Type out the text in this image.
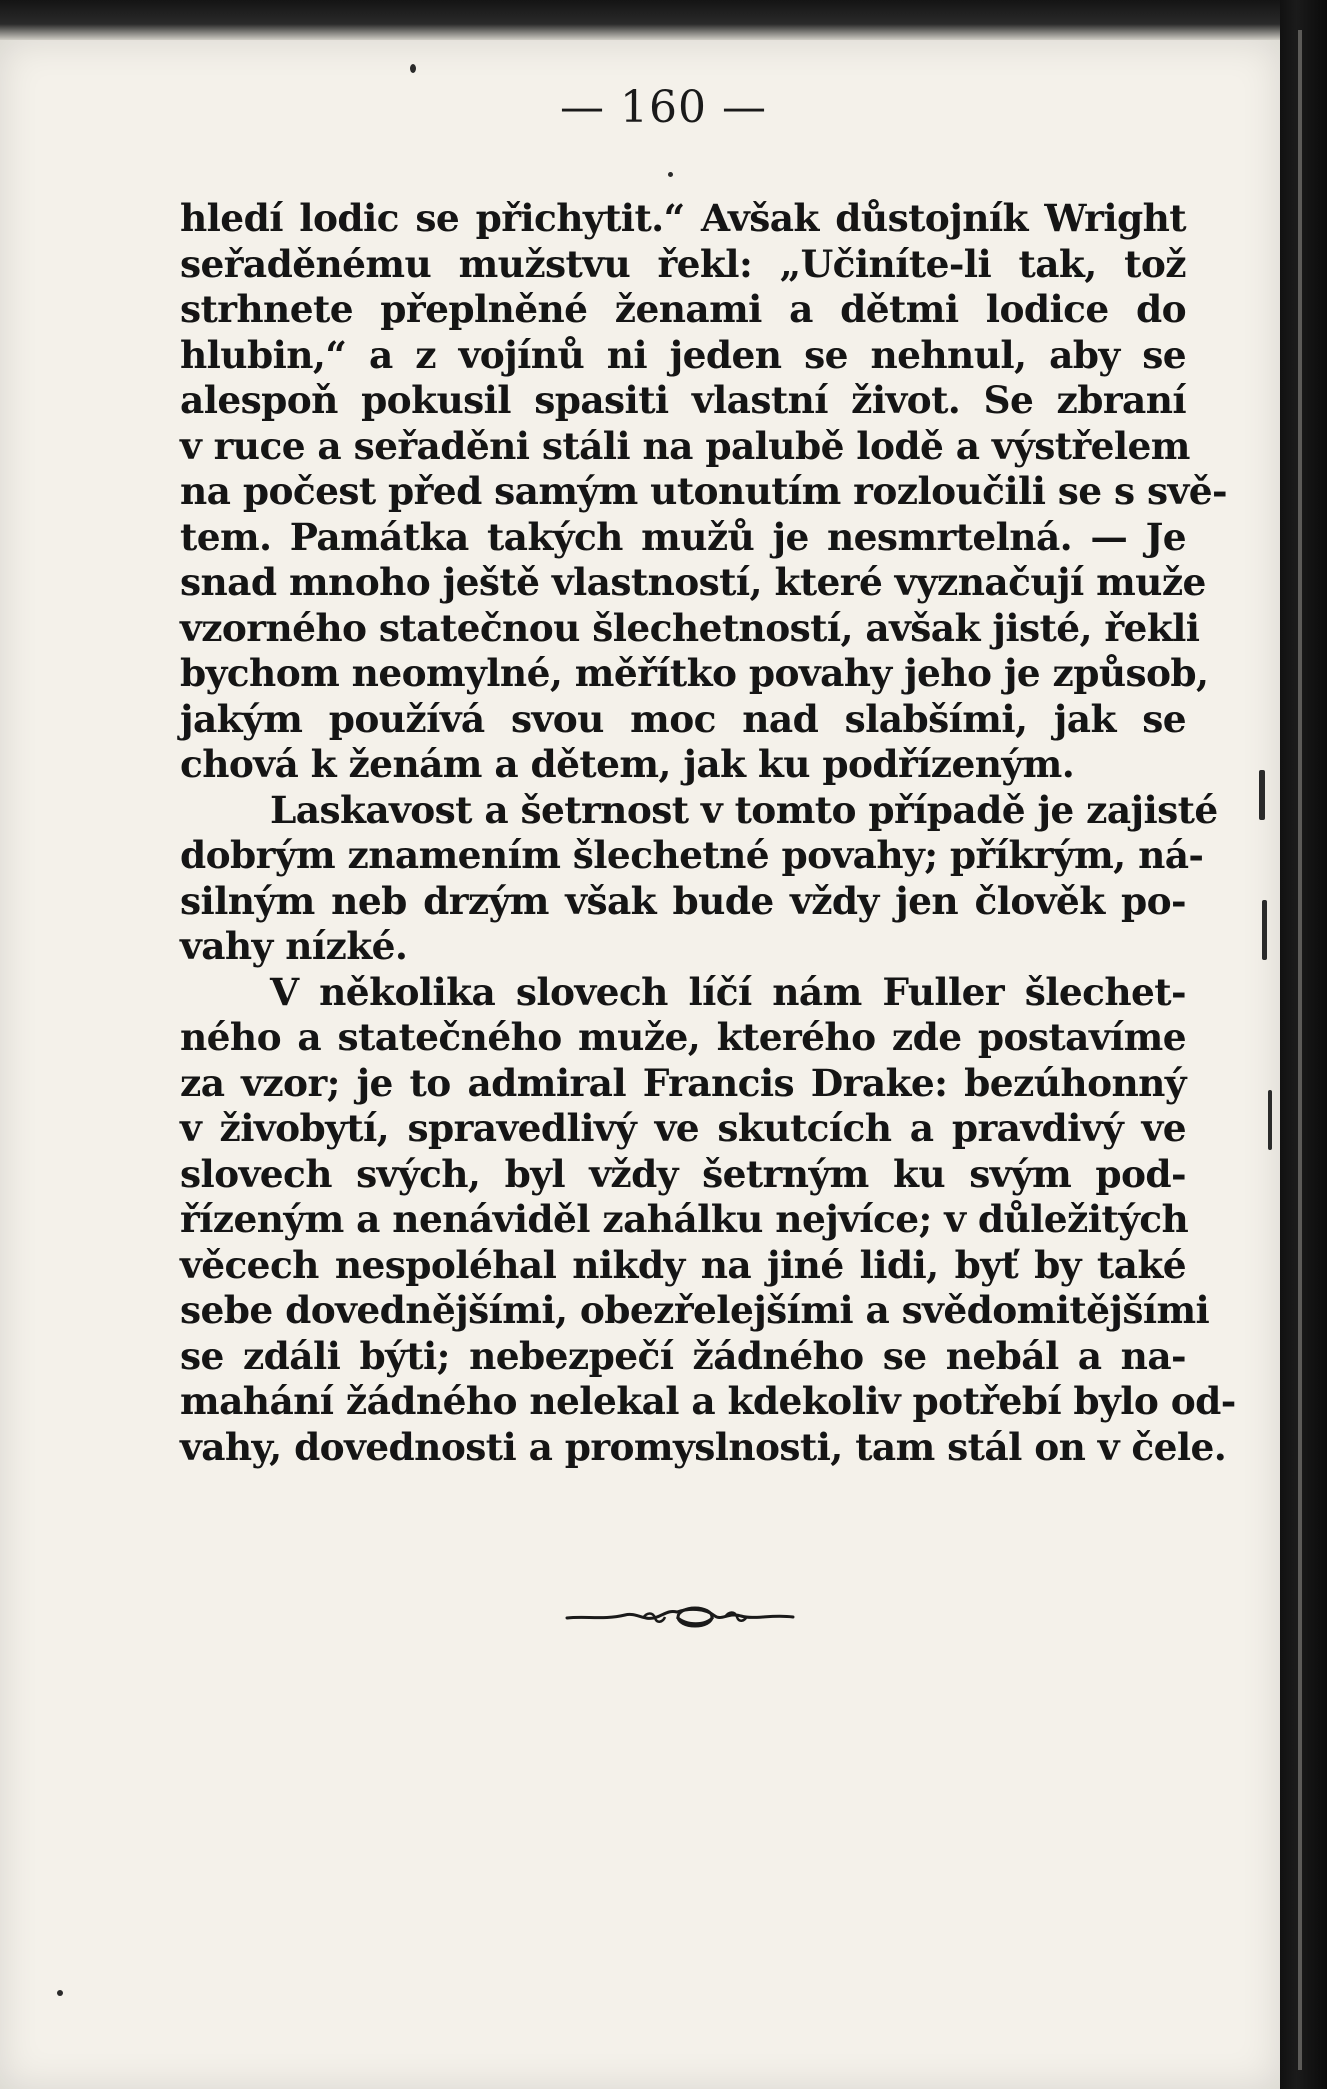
— 160 —
hledí lodic se přichytit.“ Avšak důstojník Wright
seřaděnému mužstvu řekl: „Učiníte-li tak, tož
strhnete přeplněné ženami a dětmi lodice do
hlubin,“ a z vojínů ni jeden se nehnul, aby se
alespoň pokusil spasiti vlastní život. Se zbraní
v ruce a seřaděni stáli na palubě lodě a výstřelem
na počest před samým utonutím rozloučili se s svě-
tem. Památka takých mužů je nesmrtelná. — Je
snad mnoho ještě vlastností, které vyznačují muže
vzorného statečnou šlechetností, avšak jisté, řekli
bychom neomylné, měřítko povahy jeho je způsob,
jakým používá svou moc nad slabšími, jak se
chová k ženám a dětem, jak ku podřízeným.
Laskavost a šetrnost v tomto případě je zajisté
dobrým znamením šlechetné povahy; příkrým, ná-
silným neb drzým však bude vždy jen člověk po-
vahy nízké.
V několika slovech líčí nám Fuller šlechet-
ného a statečného muže, kterého zde postavíme
za vzor; je to admiral Francis Drake: bezúhonný
v živobytí, spravedlivý ve skutcích a pravdivý ve
slovech svých, byl vždy šetrným ku svým pod-
řízeným a nenáviděl zahálku nejvíce; v důležitých
věcech nespoléhal nikdy na jiné lidi, byť by také
sebe dovednějšími, obezřelejšími a svědomitějšími
se zdáli býti; nebezpečí žádného se nebál a na-
mahání žádného nelekal a kdekoliv potřebí bylo od-
vahy, dovednosti a promyslnosti, tam stál on v čele.
